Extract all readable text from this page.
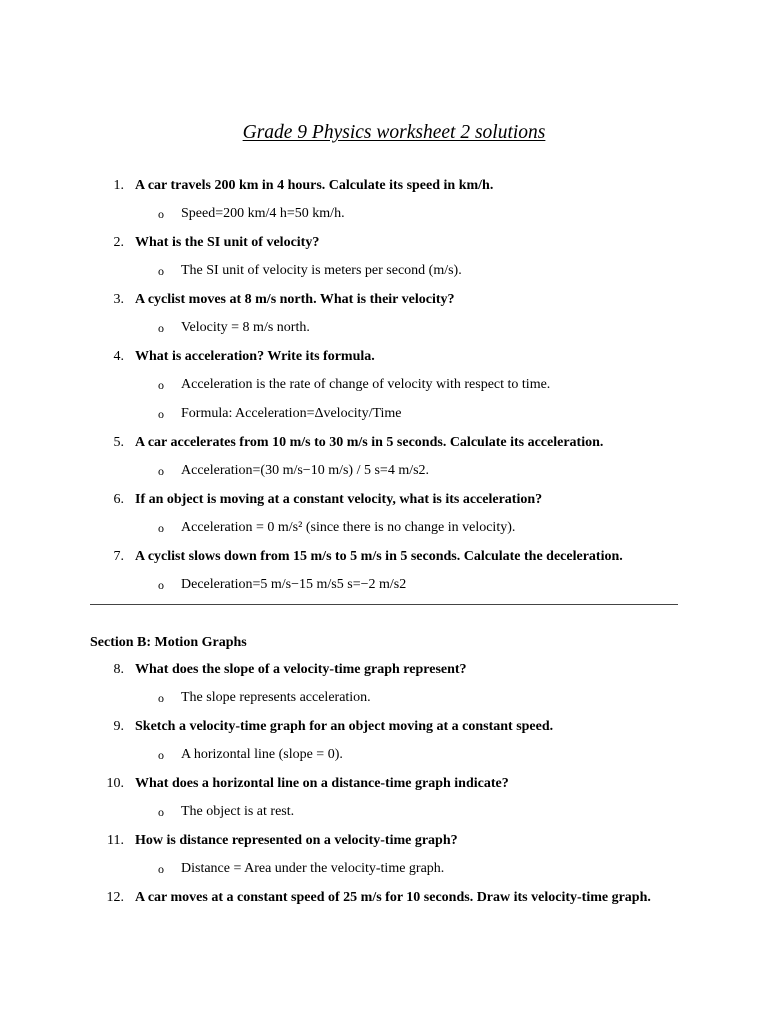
Grade 9 Physics worksheet 2 solutions
1. A car travels 200 km in 4 hours. Calculate its speed in km/h.
o Speed=200 km/4 h=50 km/h.
2. What is the SI unit of velocity?
o The SI unit of velocity is meters per second (m/s).
3. A cyclist moves at 8 m/s north. What is their velocity?
o Velocity = 8 m/s north.
4. What is acceleration? Write its formula.
o Acceleration is the rate of change of velocity with respect to time.
o Formula: Acceleration=Δvelocity/Time
5. A car accelerates from 10 m/s to 30 m/s in 5 seconds. Calculate its acceleration.
o Acceleration=(30 m/s−10 m/s) / 5 s=4 m/s2.
6. If an object is moving at a constant velocity, what is its acceleration?
o Acceleration = 0 m/s² (since there is no change in velocity).
7. A cyclist slows down from 15 m/s to 5 m/s in 5 seconds. Calculate the deceleration.
o Deceleration=5 m/s−15 m/s5 s=−2 m/s2
Section B: Motion Graphs
8. What does the slope of a velocity-time graph represent?
o The slope represents acceleration.
9. Sketch a velocity-time graph for an object moving at a constant speed.
o A horizontal line (slope = 0).
10. What does a horizontal line on a distance-time graph indicate?
o The object is at rest.
11. How is distance represented on a velocity-time graph?
o Distance = Area under the velocity-time graph.
12. A car moves at a constant speed of 25 m/s for 10 seconds. Draw its velocity-time graph.
